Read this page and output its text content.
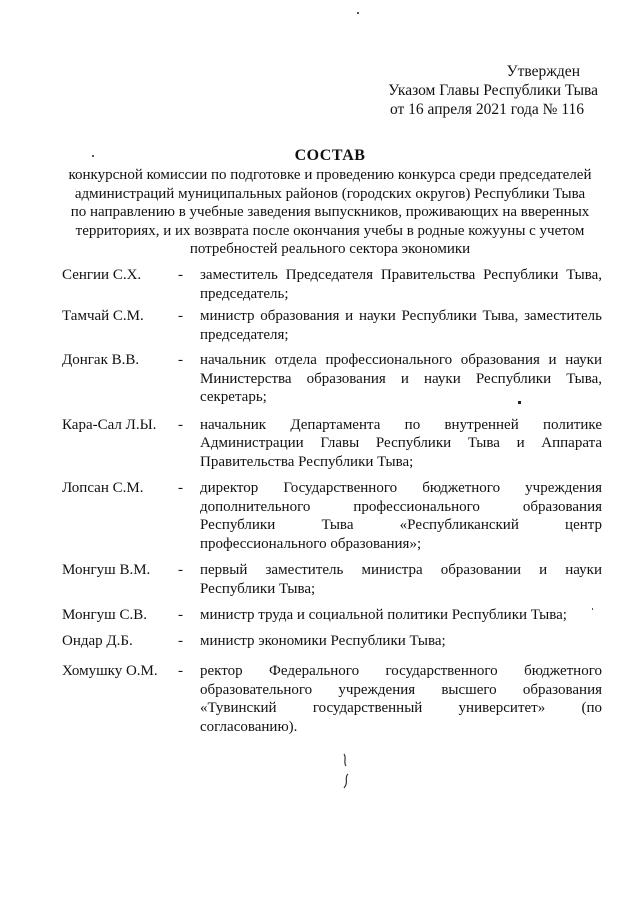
Утвержден
Указом Главы Республики Тыва
от 16 апреля 2021 года № 116
СОСТАВ
конкурсной комиссии по подготовке и проведению конкурса среди председателей
администраций муниципальных районов (городских округов) Республики Тыва
по направлению в учебные заведения выпускников, проживающих на вверенных
территориях, и их возврата после окончания учебы в родные кожууны с учетом
потребностей реального сектора экономики
Сенгии С.Х.	-	заместитель Председателя Правительства Республики Тыва, председатель;
Тамчай С.М.	-	министр образования и науки Республики Тыва, заместитель председателя;
Донгак В.В.	-	начальник отдела профессионального образования и науки Министерства образования и науки Республики Тыва, секретарь;
Кара-Сал Л.Ы.	-	начальник Департамента по внутренней политике Администрации Главы Республики Тыва и Аппарата Правительства Республики Тыва;
Лопсан С.М.	-	директор Государственного бюджетного учреждения дополнительного профессионального образования Республики Тыва «Республиканский центр профессионального образования»;
Монгуш В.М.	-	первый заместитель министра образовании и науки Республики Тыва;
Монгуш С.В.	-	министр труда и социальной политики Республики Тыва;
Ондар Д.Б.	-	министр экономики Республики Тыва;
Хомушку О.М.	-	ректор Федерального государственного бюджетного образовательного учреждения высшего образования «Тувинский государственный университет» (по согласованию).
